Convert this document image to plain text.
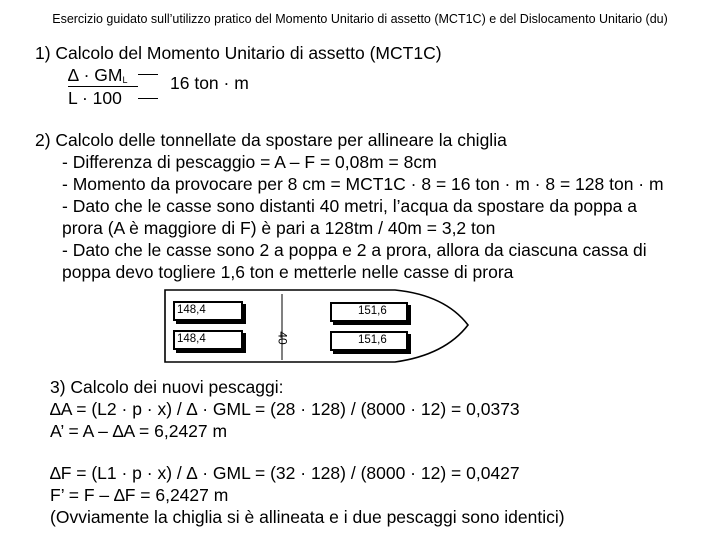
Esercizio guidato sull’utilizzo pratico del Momento Unitario di assetto (MCT1C) e del Dislocamento Unitario (du)
1) Calcolo del Momento Unitario di assetto (MCT1C)
∆ · GML 16 ton · m
L · 100
2) Calcolo delle tonnellate da spostare per allineare la chiglia
- Differenza di pescaggio = A – F = 0,08m = 8cm
- Momento da provocare per 8 cm = MCT1C · 8 = 16 ton · m · 8 = 128 ton · m
- Dato che le casse sono distanti 40 metri, l’acqua da spostare da poppa a
prora (A è maggiore di F) è pari a 128tm / 40m = 3,2 ton
- Dato che le casse sono 2 a poppa e 2 a prora, allora da ciascuna cassa di
poppa devo togliere 1,6 ton e metterle nelle casse di prora
148,4
148,4
151,6
151,6
40
3) Calcolo dei nuovi pescaggi:
∆A = (L2 · p · x) / ∆ · GML = (28 · 128) / (8000 · 12) = 0,0373
A’ = A – ∆A = 6,2427 m
∆F = (L1 · p · x) / ∆ · GML = (32 · 128) / (8000 · 12) = 0,0427
F’ = F – ∆F = 6,2427 m
(Ovviamente la chiglia si è allineata e i due pescaggi sono identici)
